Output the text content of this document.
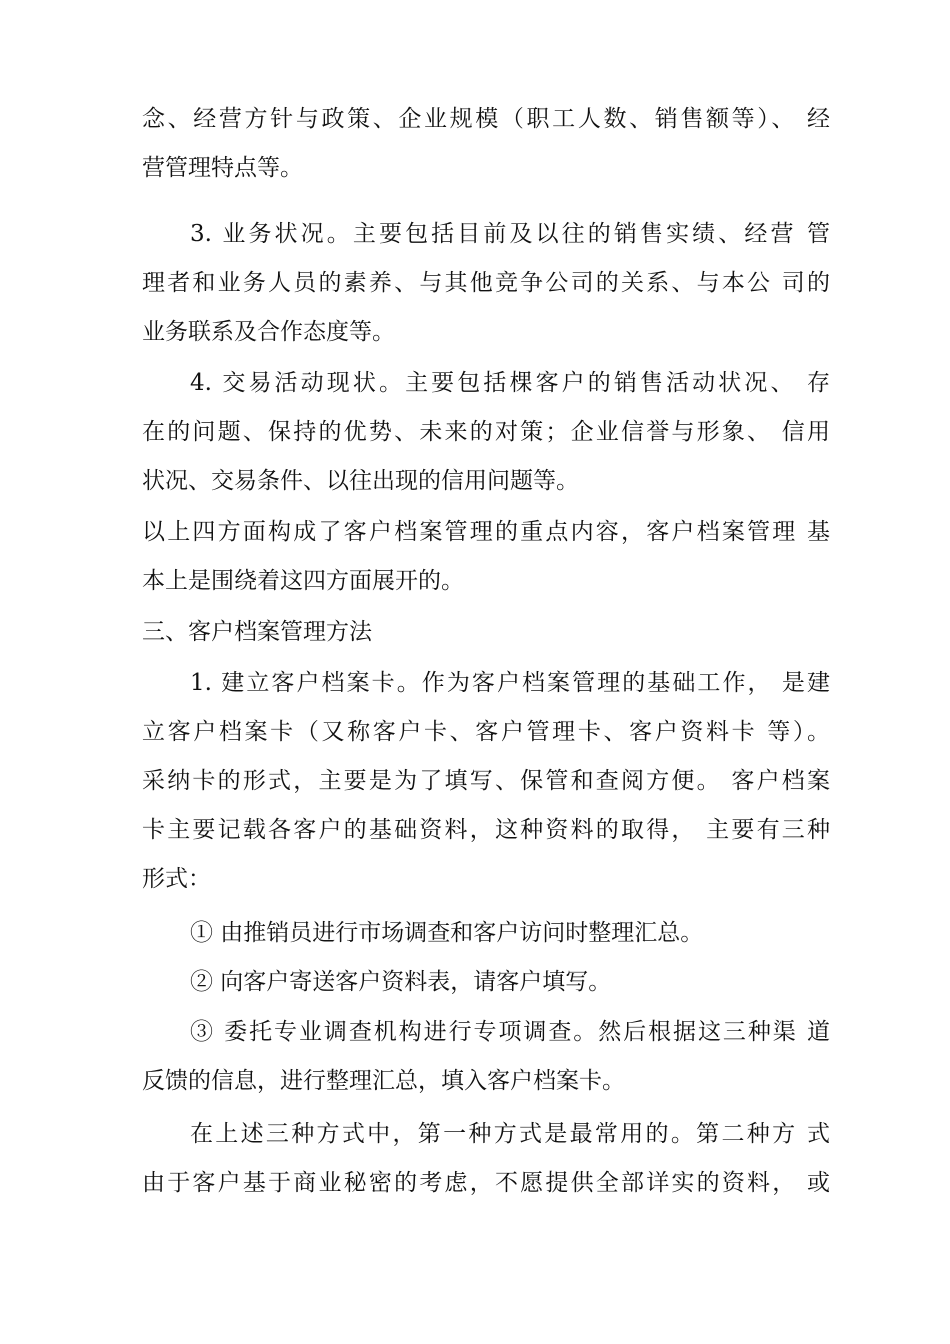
念、经营方针与政策、企业规模（职工人数、销售额等）、 经
营管理特点等。
3. 业务状况。主要包括目前及以往的销售实绩、经营 管
理者和业务人员的素养、与其他竞争公司的关系、与本公 司的
业务联系及合作态度等。
4. 交易活动现状。主要包括棵客户的销售活动状况、 存
在的问题、保持的优势、未来的对策；企业信誉与形象、 信用
状况、交易条件、以往出现的信用问题等。
以上四方面构成了客户档案管理的重点内容，客户档案管理 基
本上是围绕着这四方面展开的。
三、客户档案管理方法
1. 建立客户档案卡。作为客户档案管理的基础工作， 是建
立客户档案卡（又称客户卡、客户管理卡、客户资料卡 等）。
采纳卡的形式，主要是为了填写、保管和查阅方便。 客户档案
卡主要记载各客户的基础资料，这种资料的取得， 主要有三种
形式：
① 由推销员进行市场调查和客户访问时整理汇总。
② 向客户寄送客户资料表，请客户填写。
③ 委托专业调查机构进行专项调查。然后根据这三种渠 道
反馈的信息，进行整理汇总，填入客户档案卡。
在上述三种方式中，第一种方式是最常用的。第二种方 式
由于客户基于商业秘密的考虑，不愿提供全部详实的资料， 或
